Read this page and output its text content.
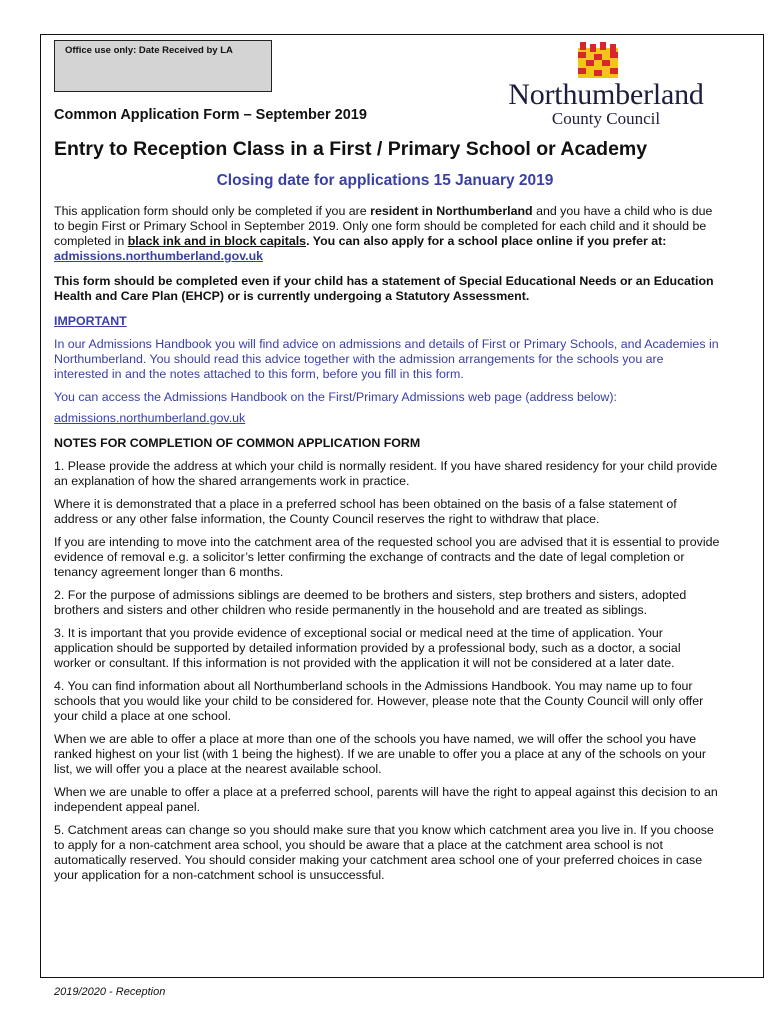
Office use only: Date Received by LA
Northumberland
County Council
Common Application Form – September 2019
Entry to Reception Class in a First / Primary School or Academy
Closing date for applications 15 January 2019

This application form should only be completed if you are resident in Northumberland and you have a child who is due to begin First or Primary School in September 2019. Only one form should be completed for each child and it should be completed in black ink and in block capitals. You can also apply for a school place online if you prefer at: admissions.northumberland.gov.uk

This form should be completed even if your child has a statement of Special Educational Needs or an Education Health and Care Plan (EHCP) or is currently undergoing a Statutory Assessment.

IMPORTANT

In our Admissions Handbook you will find advice on admissions and details of First or Primary Schools, and Academies in Northumberland. You should read this advice together with the admission arrangements for the schools you are interested in and the notes attached to this form, before you fill in this form.

You can access the Admissions Handbook on the First/Primary Admissions web page (address below):

admissions.northumberland.gov.uk

NOTES FOR COMPLETION OF COMMON APPLICATION FORM

1. Please provide the address at which your child is normally resident. If you have shared residency for your child provide an explanation of how the shared arrangements work in practice.

Where it is demonstrated that a place in a preferred school has been obtained on the basis of a false statement of address or any other false information, the County Council reserves the right to withdraw that place.

If you are intending to move into the catchment area of the requested school you are advised that it is essential to provide evidence of removal e.g. a solicitor’s letter confirming the exchange of contracts and the date of legal completion or tenancy agreement longer than 6 months.

2. For the purpose of admissions siblings are deemed to be brothers and sisters, step brothers and sisters, adopted brothers and sisters and other children who reside permanently in the household and are treated as siblings.

3. It is important that you provide evidence of exceptional social or medical need at the time of application. Your application should be supported by detailed information provided by a professional body, such as a doctor, a social worker or consultant. If this information is not provided with the application it will not be considered at a later date.

4. You can find information about all Northumberland schools in the Admissions Handbook. You may name up to four schools that you would like your child to be considered for. However, please note that the County Council will only offer your child a place at one school.

When we are able to offer a place at more than one of the schools you have named, we will offer the school you have ranked highest on your list (with 1 being the highest). If we are unable to offer you a place at any of the schools on your list, we will offer you a place at the nearest available school.

When we are unable to offer a place at a preferred school, parents will have the right to appeal against this decision to an independent appeal panel.

5. Catchment areas can change so you should make sure that you know which catchment area you live in. If you choose to apply for a non-catchment area school, you should be aware that a place at the catchment area school is not automatically reserved. You should consider making your catchment area school one of your preferred choices in case your application for a non-catchment school is unsuccessful.

2019/2020 - Reception
